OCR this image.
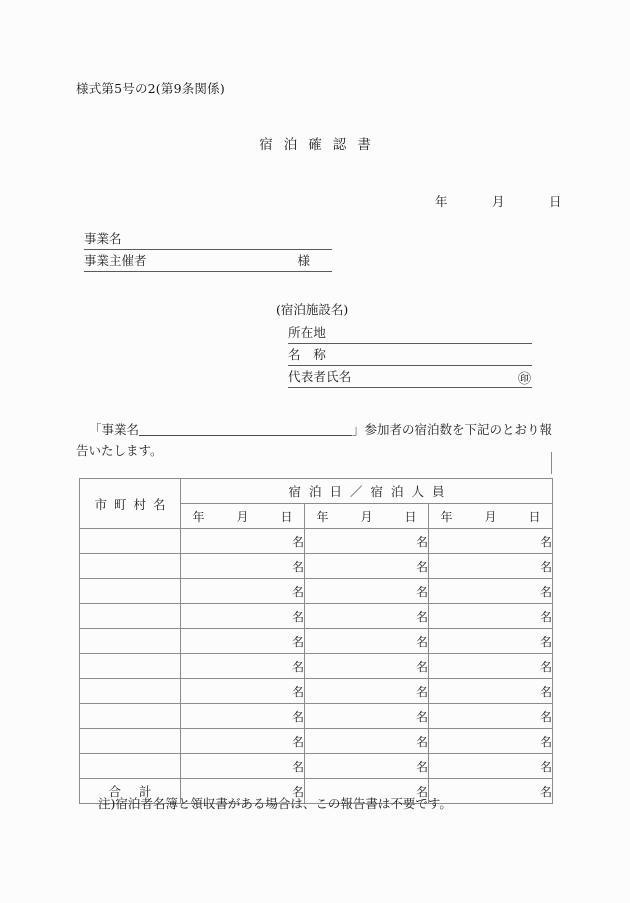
様式第5号の2(第9条関係)
宿泊確認書
年　月　日
事業名
事業主催者	様
(宿泊施設名)
所在地
名　称
代表者氏名	㊞
「事業名	」参加者の宿泊数を下記のとおり報
告いたします。
市町村名	宿泊日／宿泊人員		
	年　月　日	年　月　日	年　月　日
	名	名	名
	名	名	名
	名	名	名
	名	名	名
	名	名	名
	名	名	名
	名	名	名
	名	名	名
	名	名	名
	名	名	名
合計	名	名	名
注)宿泊者名簿と領収書がある場合は、この報告書は不要です。
